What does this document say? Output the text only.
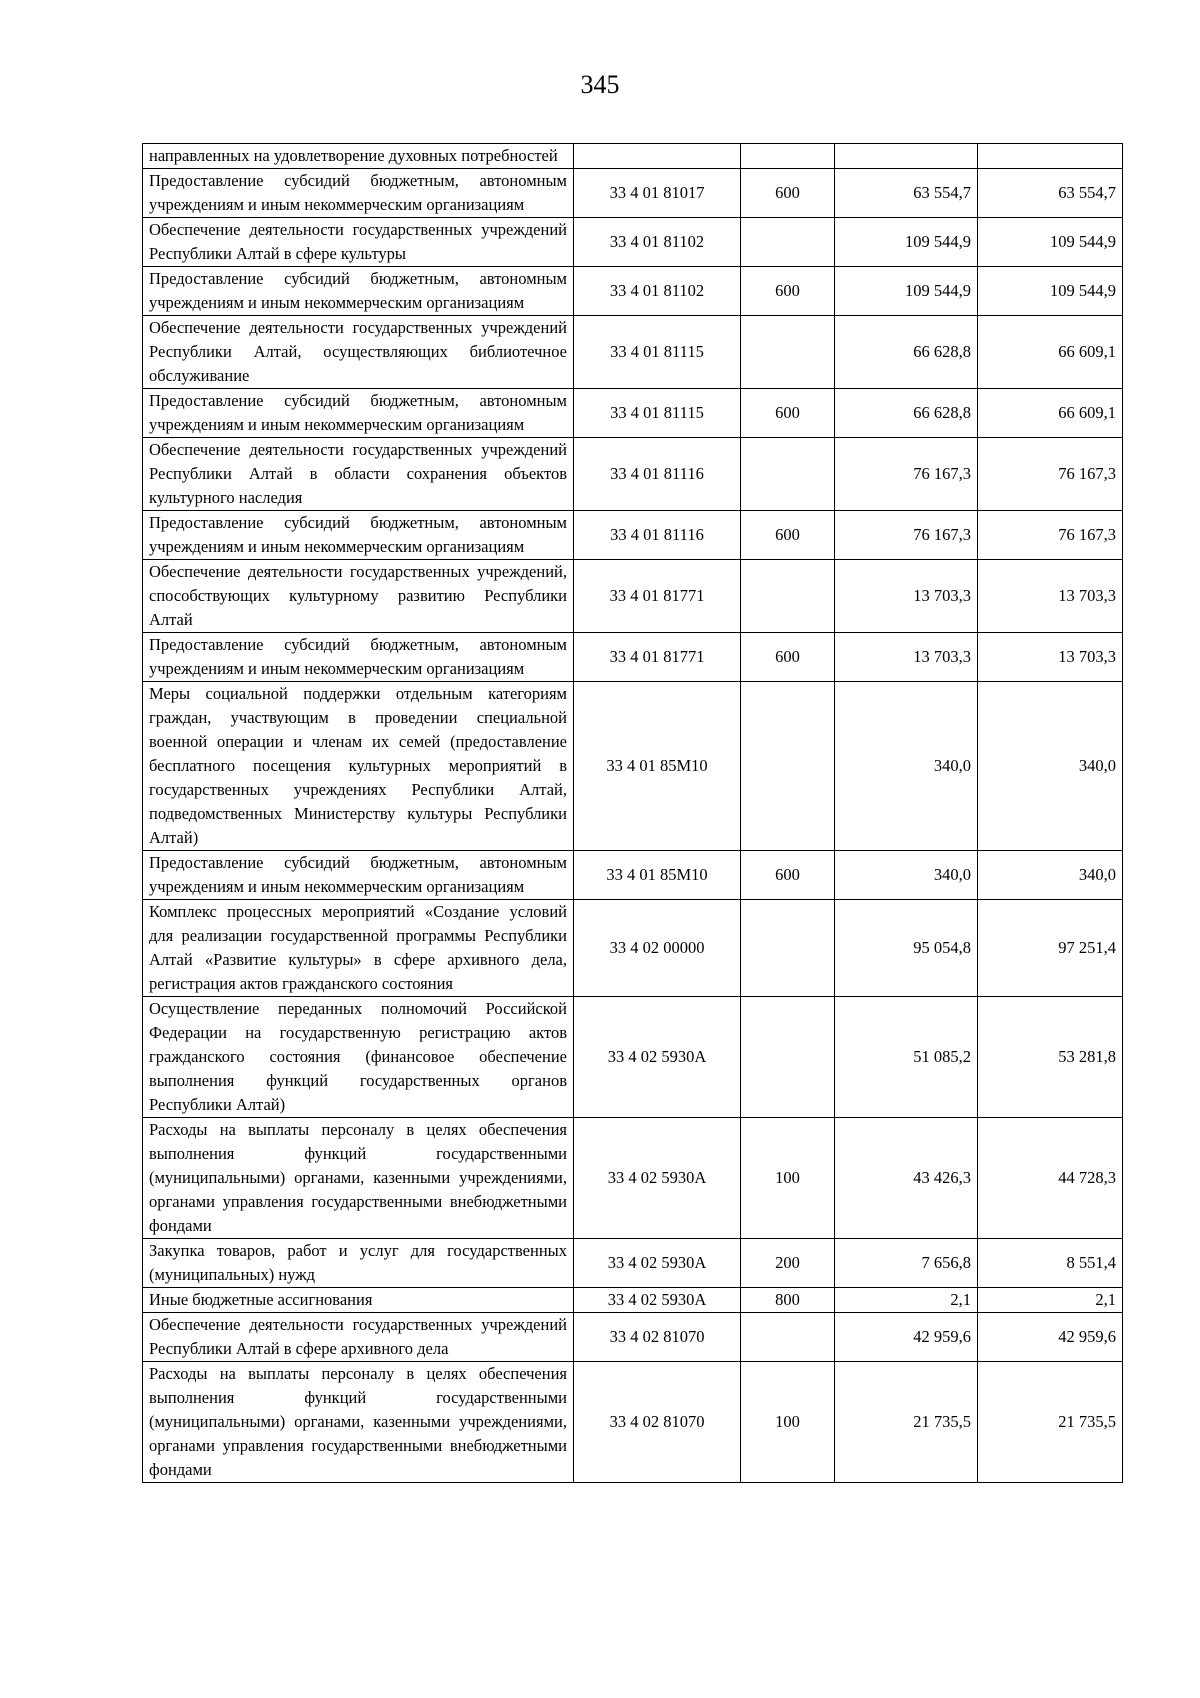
345
направленных на удовлетворение духовных потребностей				
Предоставление субсидий бюджетным, автономным учреждениям и иным некоммерческим организациям	33 4 01 81017	600	63 554,7	63 554,7
Обеспечение деятельности государственных учреждений Республики Алтай в сфере культуры	33 4 01 81102		109 544,9	109 544,9
Предоставление субсидий бюджетным, автономным учреждениям и иным некоммерческим организациям	33 4 01 81102	600	109 544,9	109 544,9
Обеспечение деятельности государственных учреждений Республики Алтай, осуществляющих библиотечное обслуживание	33 4 01 81115		66 628,8	66 609,1
Предоставление субсидий бюджетным, автономным учреждениям и иным некоммерческим организациям	33 4 01 81115	600	66 628,8	66 609,1
Обеспечение деятельности государственных учреждений Республики Алтай в области сохранения объектов культурного наследия	33 4 01 81116		76 167,3	76 167,3
Предоставление субсидий бюджетным, автономным учреждениям и иным некоммерческим организациям	33 4 01 81116	600	76 167,3	76 167,3
Обеспечение деятельности государственных учреждений, способствующих культурному развитию Республики Алтай	33 4 01 81771		13 703,3	13 703,3
Предоставление субсидий бюджетным, автономным учреждениям и иным некоммерческим организациям	33 4 01 81771	600	13 703,3	13 703,3
Меры социальной поддержки отдельным категориям граждан, участвующим в проведении специальной военной операции и членам их семей (предоставление бесплатного посещения культурных мероприятий в государственных учреждениях Республики Алтай, подведомственных Министерству культуры Республики Алтай)	33 4 01 85М10		340,0	340,0
Предоставление субсидий бюджетным, автономным учреждениям и иным некоммерческим организациям	33 4 01 85М10	600	340,0	340,0
Комплекс процессных мероприятий «Создание условий для реализации государственной программы Республики Алтай «Развитие культуры» в сфере архивного дела, регистрация актов гражданского состояния	33 4 02 00000		95 054,8	97 251,4
Осуществление переданных полномочий Российской Федерации на государственную регистрацию актов гражданского состояния (финансовое обеспечение выполнения функций государственных органов Республики Алтай)	33 4 02 5930А		51 085,2	53 281,8
Расходы на выплаты персоналу в целях обеспечения выполнения функций государственными (муниципальными) органами, казенными учреждениями, органами управления государственными внебюджетными фондами	33 4 02 5930А	100	43 426,3	44 728,3
Закупка товаров, работ и услуг для государственных (муниципальных) нужд	33 4 02 5930А	200	7 656,8	8 551,4
Иные бюджетные ассигнования	33 4 02 5930А	800	2,1	2,1
Обеспечение деятельности государственных учреждений Республики Алтай в сфере архивного дела	33 4 02 81070		42 959,6	42 959,6
Расходы на выплаты персоналу в целях обеспечения выполнения функций государственными (муниципальными) органами, казенными учреждениями, органами управления государственными внебюджетными фондами	33 4 02 81070	100	21 735,5	21 735,5
